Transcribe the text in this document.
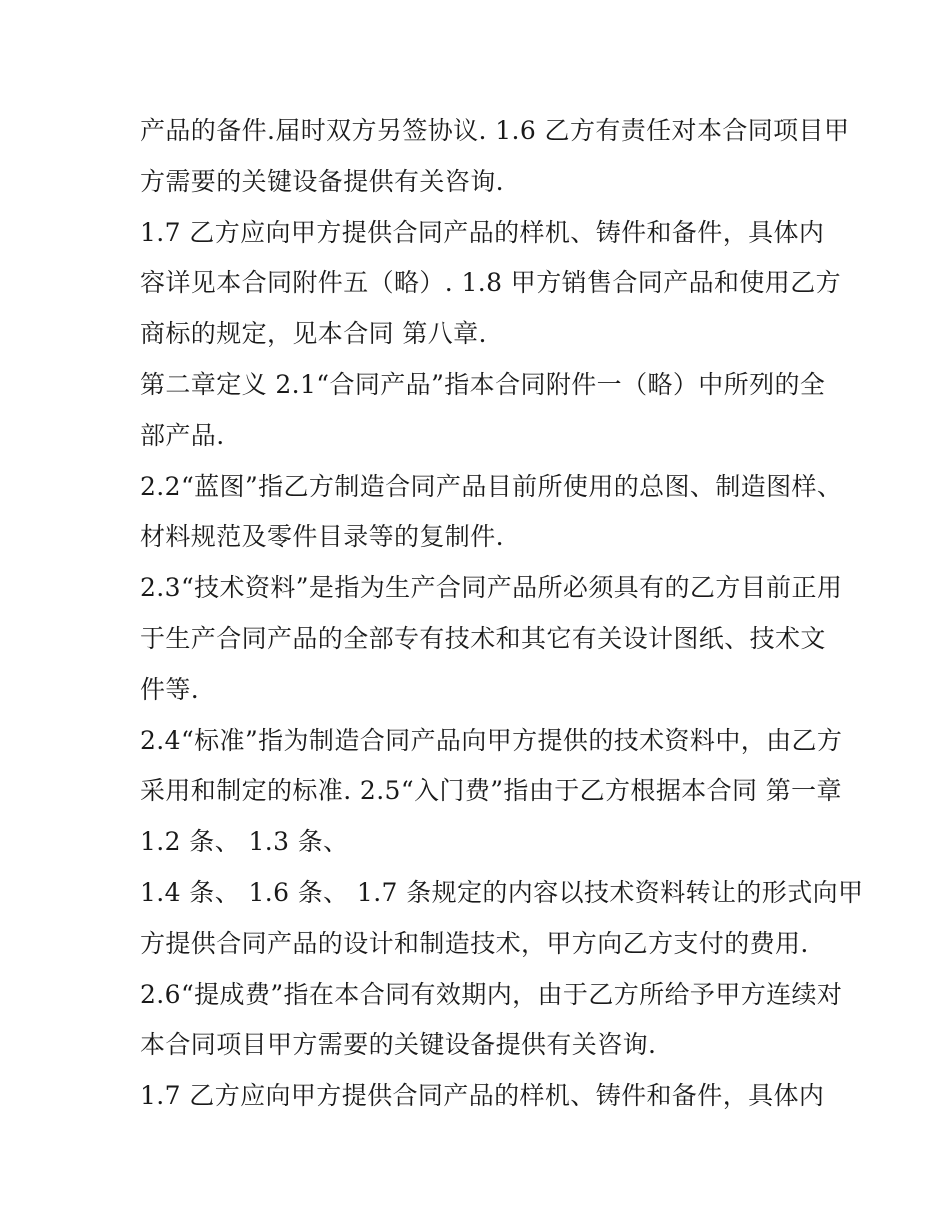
产品的备件.届时双方另签协议. 1.6 乙方有责任对本合同项目甲
方需要的关键设备提供有关咨询.
1.7 乙方应向甲方提供合同产品的样机、铸件和备件，具体内
容详见本合同附件五（略）. 1.8 甲方销售合同产品和使用乙方
商标的规定，见本合同 第八章.
第二章定义 2.1“合同产品”指本合同附件一（略）中所列的全
部产品.
2.2“蓝图”指乙方制造合同产品目前所使用的总图、制造图样、
材料规范及零件目录等的复制件.
2.3“技术资料”是指为生产合同产品所必须具有的乙方目前正用
于生产合同产品的全部专有技术和其它有关设计图纸、技术文
件等.
2.4“标准”指为制造合同产品向甲方提供的技术资料中，由乙方
采用和制定的标准. 2.5“入门费”指由于乙方根据本合同 第一章
1.2 条、 1.3 条、
1.4 条、 1.6 条、 1.7 条规定的内容以技术资料转让的形式向甲
方提供合同产品的设计和制造技术，甲方向乙方支付的费用.
2.6“提成费”指在本合同有效期内，由于乙方所给予甲方连续对
本合同项目甲方需要的关键设备提供有关咨询.
1.7 乙方应向甲方提供合同产品的样机、铸件和备件，具体内
